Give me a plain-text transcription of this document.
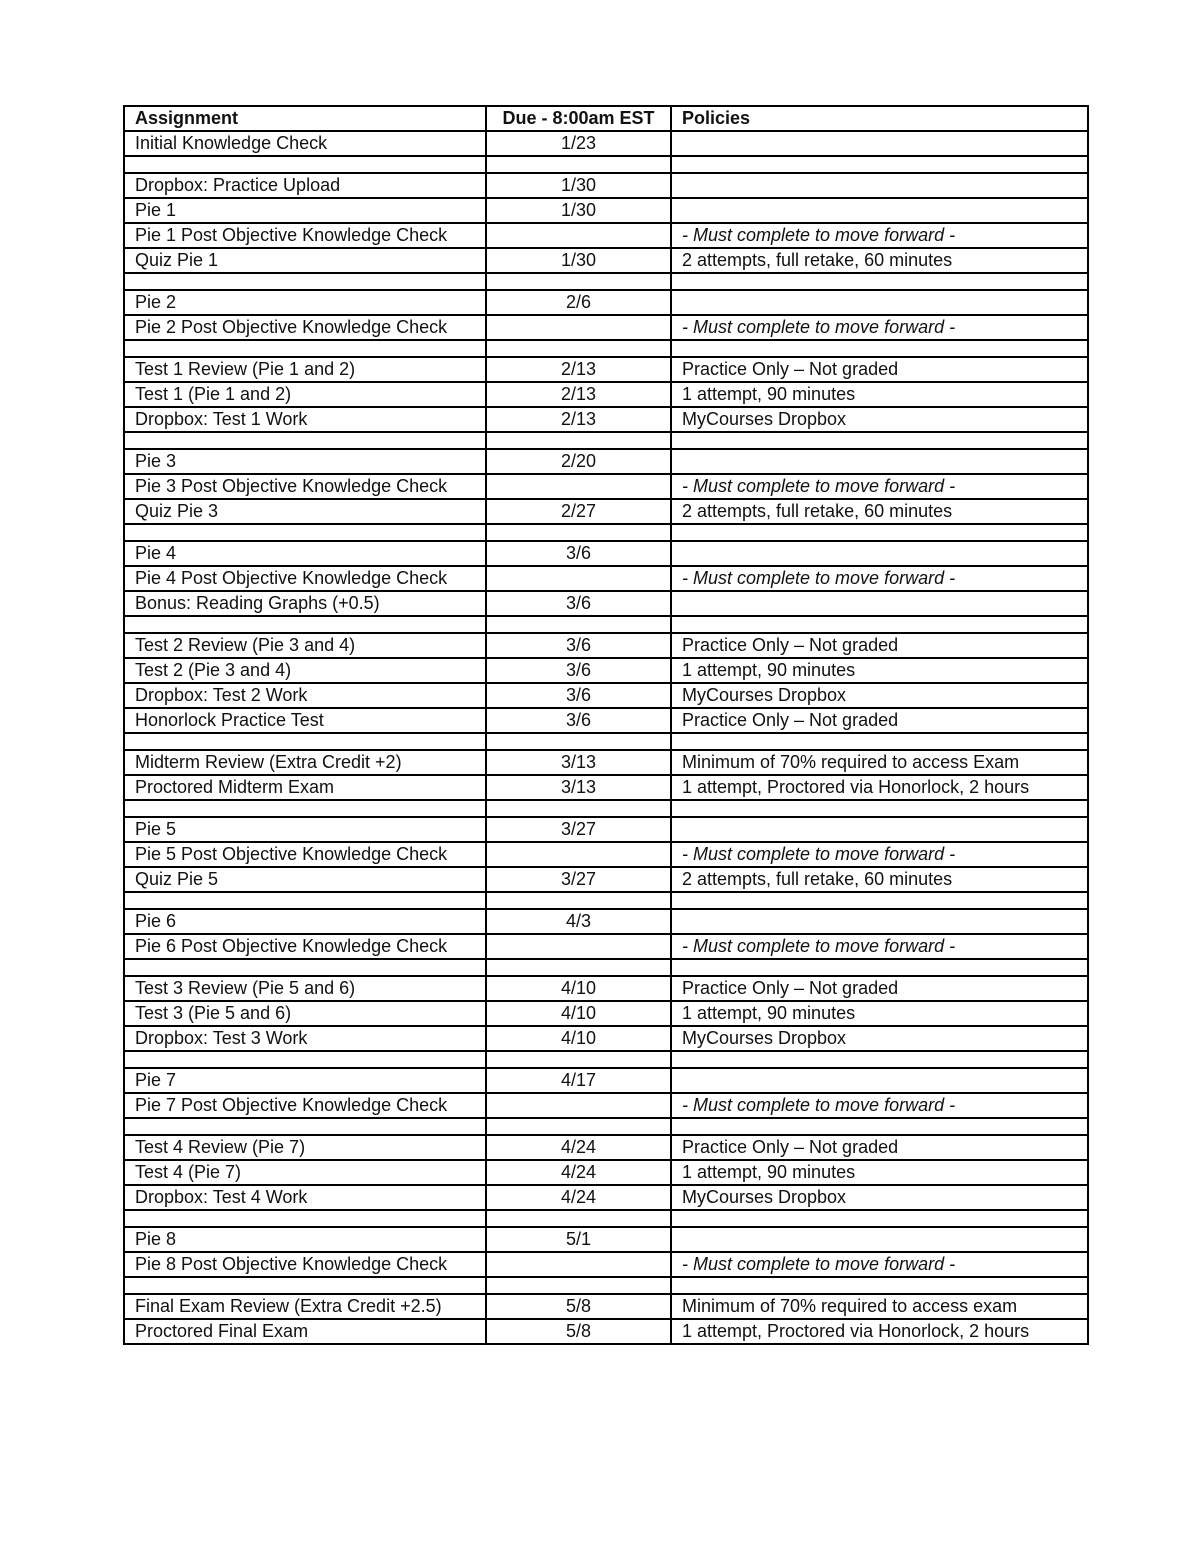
Assignment	Due - 8:00am EST	Policies
Initial Knowledge Check	1/23	

Dropbox: Practice Upload	1/30	
Pie 1	1/30	
Pie 1 Post Objective Knowledge Check		- Must complete to move forward -
Quiz Pie 1	1/30	2 attempts, full retake, 60 minutes

Pie 2	2/6	
Pie 2 Post Objective Knowledge Check		- Must complete to move forward -

Test 1 Review (Pie 1 and 2)	2/13	Practice Only – Not graded
Test 1 (Pie 1 and 2)	2/13	1 attempt, 90 minutes
Dropbox: Test 1 Work	2/13	MyCourses Dropbox

Pie 3	2/20	
Pie 3 Post Objective Knowledge Check		- Must complete to move forward -
Quiz Pie 3	2/27	2 attempts, full retake, 60 minutes

Pie 4	3/6	
Pie 4 Post Objective Knowledge Check		- Must complete to move forward -
Bonus: Reading Graphs (+0.5)	3/6	

Test 2 Review (Pie 3 and 4)	3/6	Practice Only – Not graded
Test 2 (Pie 3 and 4)	3/6	1 attempt, 90 minutes
Dropbox: Test 2 Work	3/6	MyCourses Dropbox
Honorlock Practice Test	3/6	Practice Only – Not graded

Midterm Review (Extra Credit +2)	3/13	Minimum of 70% required to access Exam
Proctored Midterm Exam	3/13	1 attempt, Proctored via Honorlock, 2 hours

Pie 5	3/27	
Pie 5 Post Objective Knowledge Check		- Must complete to move forward -
Quiz Pie 5	3/27	2 attempts, full retake, 60 minutes

Pie 6	4/3	
Pie 6 Post Objective Knowledge Check		- Must complete to move forward -

Test 3 Review (Pie 5 and 6)	4/10	Practice Only – Not graded
Test 3 (Pie 5 and 6)	4/10	1 attempt, 90 minutes
Dropbox: Test 3 Work	4/10	MyCourses Dropbox

Pie 7	4/17	
Pie 7 Post Objective Knowledge Check		- Must complete to move forward -

Test 4 Review (Pie 7)	4/24	Practice Only – Not graded
Test 4 (Pie 7)	4/24	1 attempt, 90 minutes
Dropbox: Test 4 Work	4/24	MyCourses Dropbox

Pie 8	5/1	
Pie 8 Post Objective Knowledge Check		- Must complete to move forward -

Final Exam Review (Extra Credit +2.5)	5/8	Minimum of 70% required to access exam
Proctored Final Exam	5/8	1 attempt, Proctored via Honorlock, 2 hours
